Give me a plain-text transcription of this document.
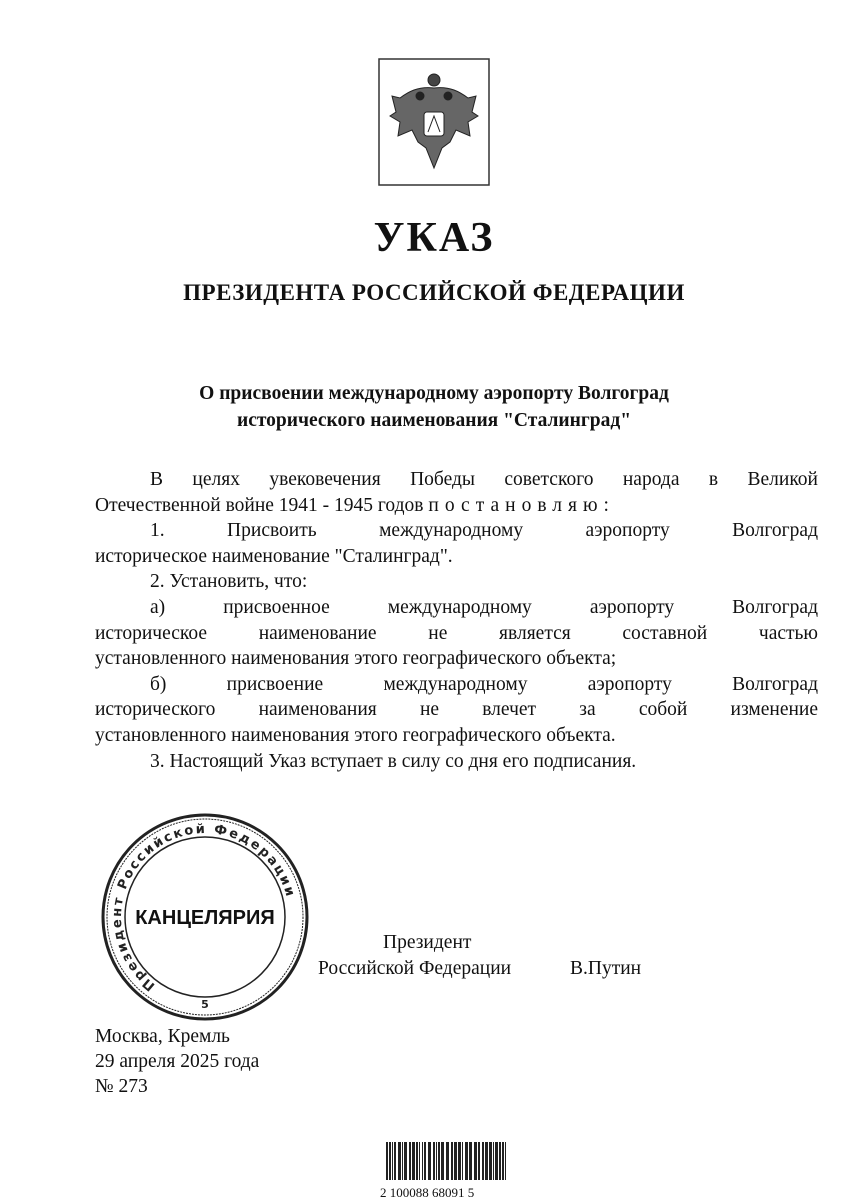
УКАЗ
ПРЕЗИДЕНТА РОССИЙСКОЙ ФЕДЕРАЦИИ
О присвоении международному аэропорту Волгоград
исторического наименования "Сталинград"
В целях увековечения Победы советского народа в Великой
Отечественной войне 1941 - 1945 годов постановляю:
1. Присвоить международному аэропорту Волгоград
историческое наименование "Сталинград".
2. Установить, что:
а) присвоенное международному аэропорту Волгоград
историческое наименование не является составной частью
установленного наименования этого географического объекта;
б) присвоение международному аэропорту Волгоград
исторического наименования не влечет за собой изменение
установленного наименования этого географического объекта.
3. Настоящий Указ вступает в силу со дня его подписания.
Президент
Российской Федерации	В.Путин
Президент Российской Федерации
КАНЦЕЛЯРИЯ
5
Москва, Кремль
29 апреля 2025 года
№ 273
2 100088 68091 5
